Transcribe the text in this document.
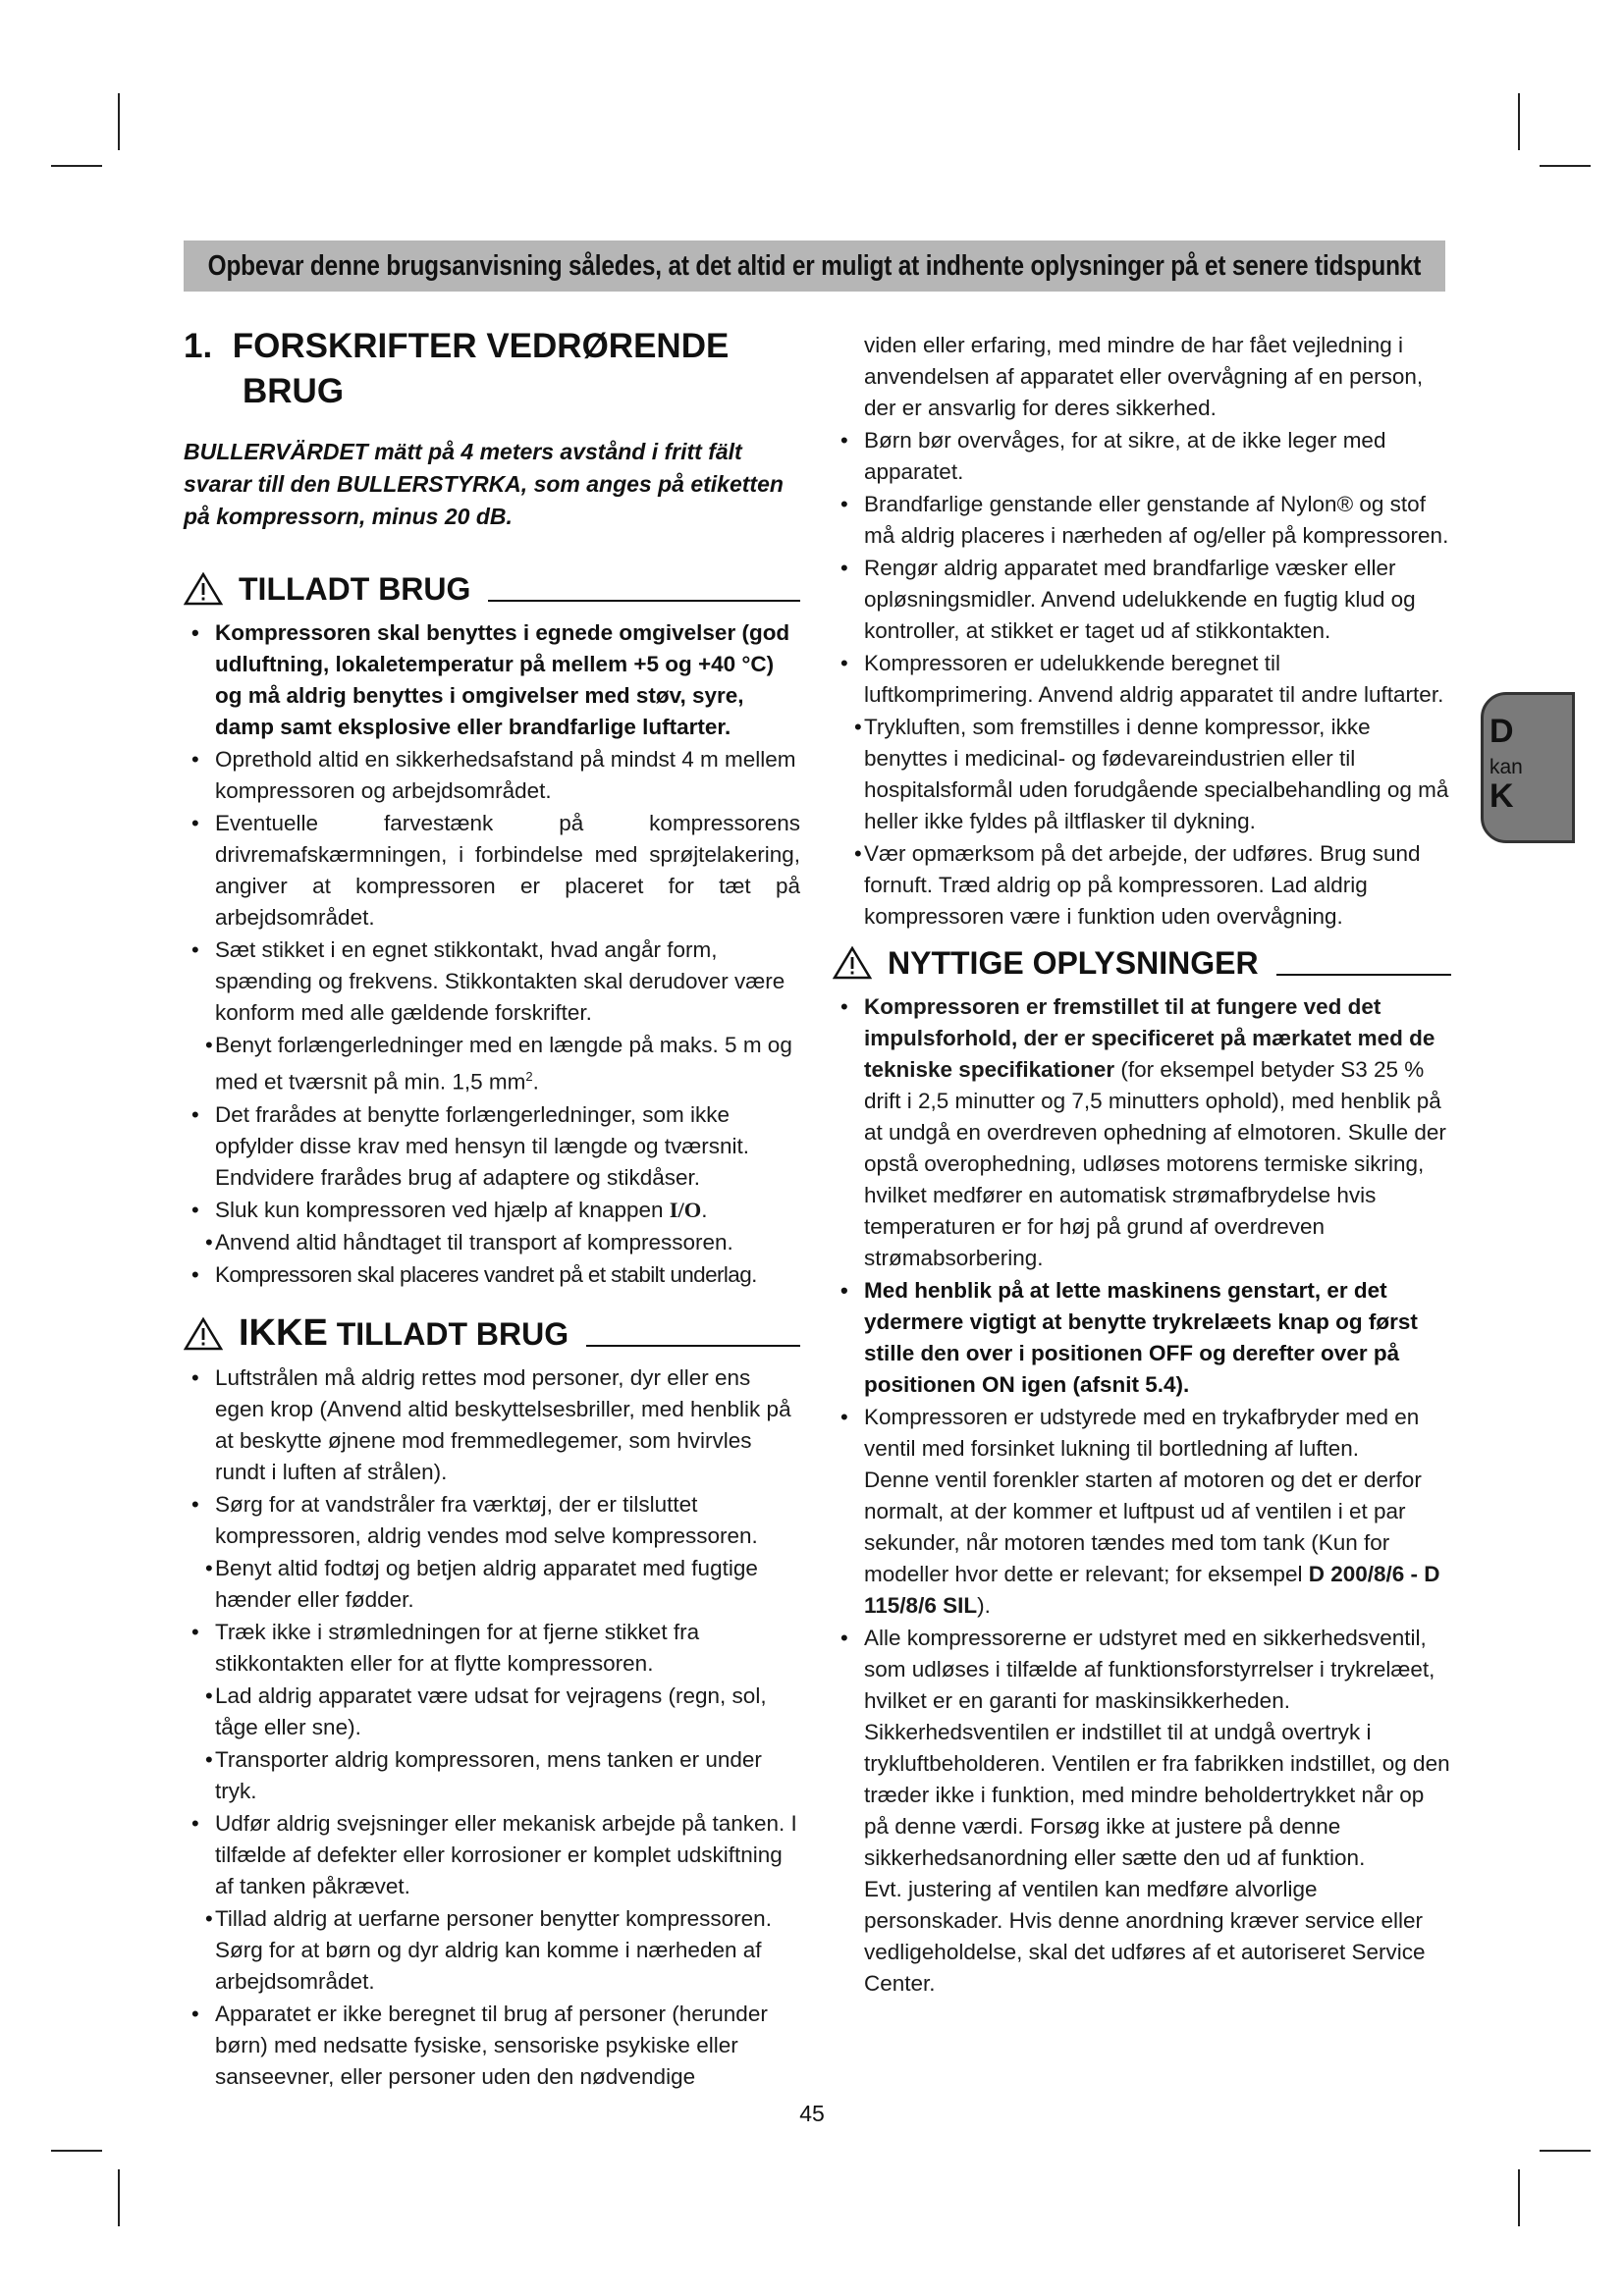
Opbevar denne brugsanvisning således, at det altid er muligt at indhente oplysninger på et senere tidspunkt
1. FORSKRIFTER VEDRØRENDE
BRUG
BULLERVÄRDET mätt på 4 meters avstånd i fritt fält svarar till den BULLERSTYRKA, som anges på etiketten på kompressorn, minus 20 dB.
TILLADT BRUG
• Kompressoren skal benyttes i egnede omgivelser (god udluftning, lokaletemperatur på mellem +5 og +40 °C) og må aldrig benyttes i omgivelser med støv, syre, damp samt eksplosive eller brandfarlige luftarter.
• Oprethold altid en sikkerhedsafstand på mindst 4 m mellem kompressoren og arbejdsområdet.
• Eventuelle farvestænk på kompressorens drivremafskærmningen, i forbindelse med sprøjtelakering, angiver at kompressoren er placeret for tæt på arbejdsområdet.
• Sæt stikket i en egnet stikkontakt, hvad angår form, spænding og frekvens. Stikkontakten skal derudover være konform med alle gældende forskrifter.
• Benyt forlængerledninger med en længde på maks. 5 m og med et tværsnit på min. 1,5 $mm^2$.
• Det frarådes at benytte forlængerledninger, som ikke opfylder disse krav med hensyn til længde og tværsnit. Endvidere frarådes brug af adaptere og stikdåser.
• Sluk kun kompressoren ved hjælp af knappen I/O.
• Anvend altid håndtaget til transport af kompressoren.
• Kompressoren skal placeres vandret på et stabilt underlag.
IKKE TILLADT BRUG
• Luftstrålen må aldrig rettes mod personer, dyr eller ens egen krop (Anvend altid beskyttelsesbriller, med henblik på at beskytte øjnene mod fremmedlegemer, som hvirvles rundt i luften af strålen).
• Sørg for at vandstråler fra værktøj, der er tilsluttet kompressoren, aldrig vendes mod selve kompressoren.
• Benyt altid fodtøj og betjen aldrig apparatet med fugtige hænder eller fødder.
• Træk ikke i strømledningen for at fjerne stikket fra stikkontakten eller for at flytte kompressoren.
• Lad aldrig apparatet være udsat for vejragens (regn, sol, tåge eller sne).
• Transporter aldrig kompressoren, mens tanken er under tryk.
• Udfør aldrig svejsninger eller mekanisk arbejde på tanken. I tilfælde af defekter eller korrosioner er komplet udskiftning af tanken påkrævet.
• Tillad aldrig at uerfarne personer benytter kompressoren. Sørg for at børn og dyr aldrig kan komme i nærheden af arbejdsområdet.
• Apparatet er ikke beregnet til brug af personer (herunder børn) med nedsatte fysiske, sensoriske psykiske eller sanseevner, eller personer uden den nødvendige
viden eller erfaring, med mindre de har fået vejledning i anvendelsen af apparatet eller overvågning af en person, der er ansvarlig for deres sikkerhed.
• Børn bør overvåges, for at sikre, at de ikke leger med apparatet.
• Brandfarlige genstande eller genstande af Nylon® og stof må aldrig placeres i nærheden af og/eller på kompressoren.
• Rengør aldrig apparatet med brandfarlige væsker eller opløsningsmidler. Anvend udelukkende en fugtig klud og kontroller, at stikket er taget ud af stikkontakten.
• Kompressoren er udelukkende beregnet til luftkomprimering. Anvend aldrig apparatet til andre luftarter.
• Trykluften, som fremstilles i denne kompressor, ikke benyttes i medicinal- og fødevareindustrien eller til hospitalsformål uden forudgående specialbehandling og må heller ikke fyldes på iltflasker til dykning.
• Vær opmærksom på det arbejde, der udføres. Brug sund fornuft. Træd aldrig op på kompressoren. Lad aldrig kompressoren være i funktion uden overvågning.
NYTTIGE OPLYSNINGER
• Kompressoren er fremstillet til at fungere ved det impulsforhold, der er specificeret på mærkatet med de tekniske specifikationer (for eksempel betyder S3 25 % drift i 2,5 minutter og 7,5 minutters ophold), med henblik på at undgå en overdreven ophedning af elmotoren. Skulle der opstå overophedning, udløses motorens termiske sikring, hvilket medfører en automatisk strømafbrydelse hvis temperaturen er for høj på grund af overdreven strømabsorbering.
• Med henblik på at lette maskinens genstart, er det ydermere vigtigt at benytte trykrelæets knap og først stille den over i positionen OFF og derefter over på positionen ON igen (afsnit 5.4).
• Kompressoren er udstyrede med en trykafbryder med en ventil med forsinket lukning til bortledning af luften.
Denne ventil forenkler starten af motoren og det er derfor normalt, at der kommer et luftpust ud af ventilen i et par sekunder, når motoren tændes med tom tank (Kun for modeller hvor dette er relevant; for eksempel D 200/8/6 - D 115/8/6 SIL).
• Alle kompressorerne er udstyret med en sikkerhedsventil, som udløses i tilfælde af funktionsforstyrrelser i trykrelæet, hvilket er en garanti for maskinsikkerheden.
Sikkerhedsventilen er indstillet til at undgå overtryk i trykluftbeholderen. Ventilen er fra fabrikken indstillet, og den træder ikke i funktion, med mindre beholdertrykket når op på denne værdi. Forsøg ikke at justere på denne sikkerhedsanordning eller sætte den ud af funktion.
Evt. justering af ventilen kan medføre alvorlige personskader. Hvis denne anordning kræver service eller vedligeholdelse, skal det udføres af et autoriseret Service Center.
D
kan
K
45
